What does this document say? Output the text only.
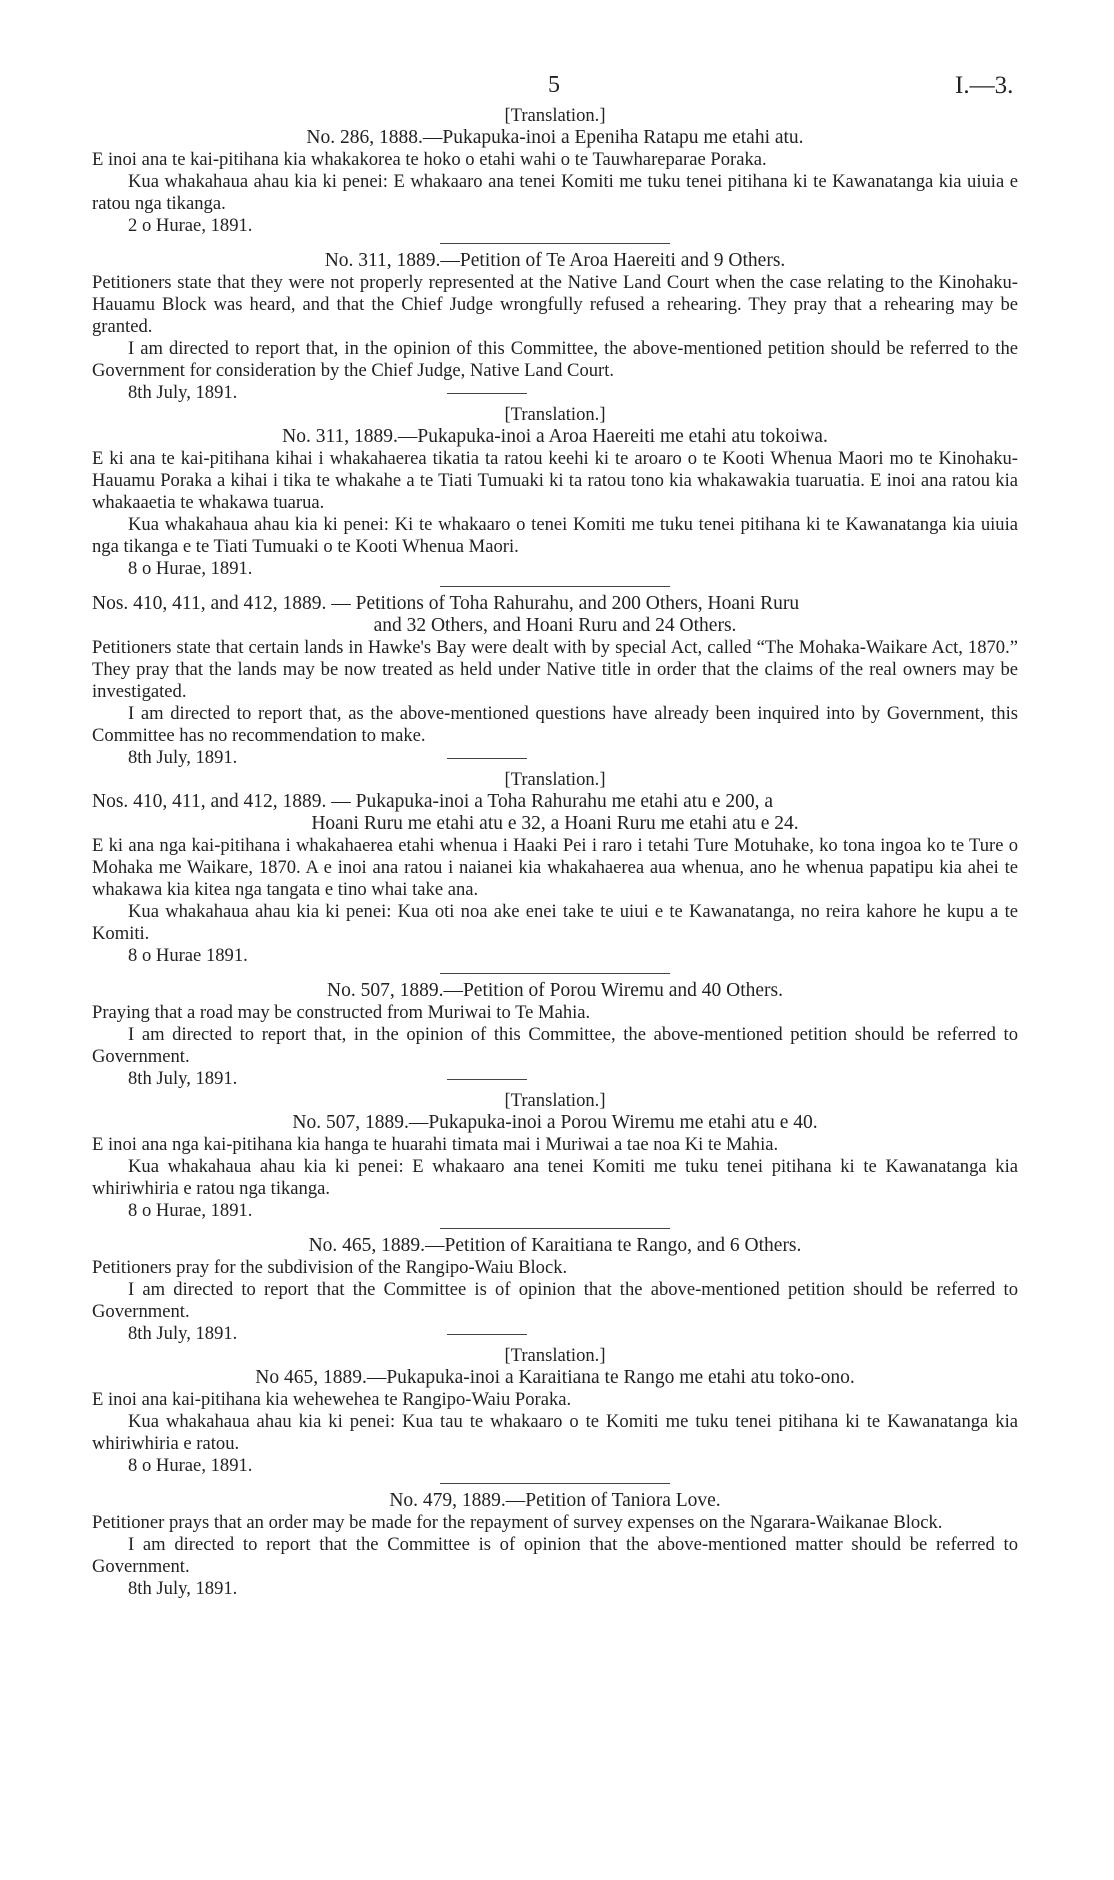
5	I.—3.

[Translation.]

No. 286, 1888.—Pukapuka-inoi a Epeniha Ratapu me etahi atu.

E inoi ana te kai-pitihana kia whakakorea te hoko o etahi wahi o te Tauwhareparae Poraka.

Kua whakahaua ahau kia ki penei: E whakaaro ana tenei Komiti me tuku tenei pitihana ki te Kawanatanga kia uiuia e ratou nga tikanga.

2 o Hurae, 1891.

No. 311, 1889.—Petition of Te Aroa Haereiti and 9 Others.

Petitioners state that they were not properly represented at the Native Land Court when the case relating to the Kinohaku-Hauamu Block was heard, and that the Chief Judge wrongfully refused a rehearing. They pray that a rehearing may be granted.

I am directed to report that, in the opinion of this Committee, the above-mentioned petition should be referred to the Government for consideration by the Chief Judge, Native Land Court.

8th July, 1891.

[Translation.]

No. 311, 1889.—Pukapuka-inoi a Aroa Haereiti me etahi atu tokoiwa.

E ki ana te kai-pitihana kihai i whakahaerea tikatia ta ratou keehi ki te aroaro o te Kooti Whenua Maori mo te Kinohaku-Hauamu Poraka a kihai i tika te whakahe a te Tiati Tumuaki ki ta ratou tono kia whakawakia tuaruatia. E inoi ana ratou kia whakaaetia te whakawa tuarua.

Kua whakahaua ahau kia ki penei: Ki te whakaaro o tenei Komiti me tuku tenei pitihana ki te Kawanatanga kia uiuia nga tikanga e te Tiati Tumuaki o te Kooti Whenua Maori.

8 o Hurae, 1891.

Nos. 410, 411, and 412, 1889. — Petitions of Toha Rahurahu, and 200 Others, Hoani Ruru

and 32 Others, and Hoani Ruru and 24 Others.

Petitioners state that certain lands in Hawke's Bay were dealt with by special Act, called “The Mohaka-Waikare Act, 1870.” They pray that the lands may be now treated as held under Native title in order that the claims of the real owners may be investigated.

I am directed to report that, as the above-mentioned questions have already been inquired into by Government, this Committee has no recommendation to make.

8th July, 1891.

[Translation.]

Nos. 410, 411, and 412, 1889. — Pukapuka-inoi a Toha Rahurahu me etahi atu e 200, a

Hoani Ruru me etahi atu e 32, a Hoani Ruru me etahi atu e 24.

E ki ana nga kai-pitihana i whakahaerea etahi whenua i Haaki Pei i raro i tetahi Ture Motuhake, ko tona ingoa ko te Ture o Mohaka me Waikare, 1870. A e inoi ana ratou i naianei kia whakahaerea aua whenua, ano he whenua papatipu kia ahei te whakawa kia kitea nga tangata e tino whai take ana.

Kua whakahaua ahau kia ki penei: Kua oti noa ake enei take te uiui e te Kawanatanga, no reira kahore he kupu a te Komiti.

8 o Hurae 1891.

No. 507, 1889.—Petition of Porou Wiremu and 40 Others.

Praying that a road may be constructed from Muriwai to Te Mahia.

I am directed to report that, in the opinion of this Committee, the above-mentioned petition should be referred to Government.

8th July, 1891.

[Translation.]

No. 507, 1889.—Pukapuka-inoi a Porou Wiremu me etahi atu e 40.

E inoi ana nga kai-pitihana kia hanga te huarahi timata mai i Muriwai a tae noa Ki te Mahia.

Kua whakahaua ahau kia ki penei: E whakaaro ana tenei Komiti me tuku tenei pitihana ki te Kawanatanga kia whiriwhiria e ratou nga tikanga.

8 o Hurae, 1891.

No. 465, 1889.—Petition of Karaitiana te Rango, and 6 Others.

Petitioners pray for the subdivision of the Rangipo-Waiu Block.

I am directed to report that the Committee is of opinion that the above-mentioned petition should be referred to Government.

8th July, 1891.

[Translation.]

No 465, 1889.—Pukapuka-inoi a Karaitiana te Rango me etahi atu toko-ono.

E inoi ana kai-pitihana kia wehewehea te Rangipo-Waiu Poraka.

Kua whakahaua ahau kia ki penei: Kua tau te whakaaro o te Komiti me tuku tenei pitihana ki te Kawanatanga kia whiriwhiria e ratou.

8 o Hurae, 1891.

No. 479, 1889.—Petition of Taniora Love.

Petitioner prays that an order may be made for the repayment of survey expenses on the Ngarara-Waikanae Block.

I am directed to report that the Committee is of opinion that the above-mentioned matter should be referred to Government.

8th July, 1891.
